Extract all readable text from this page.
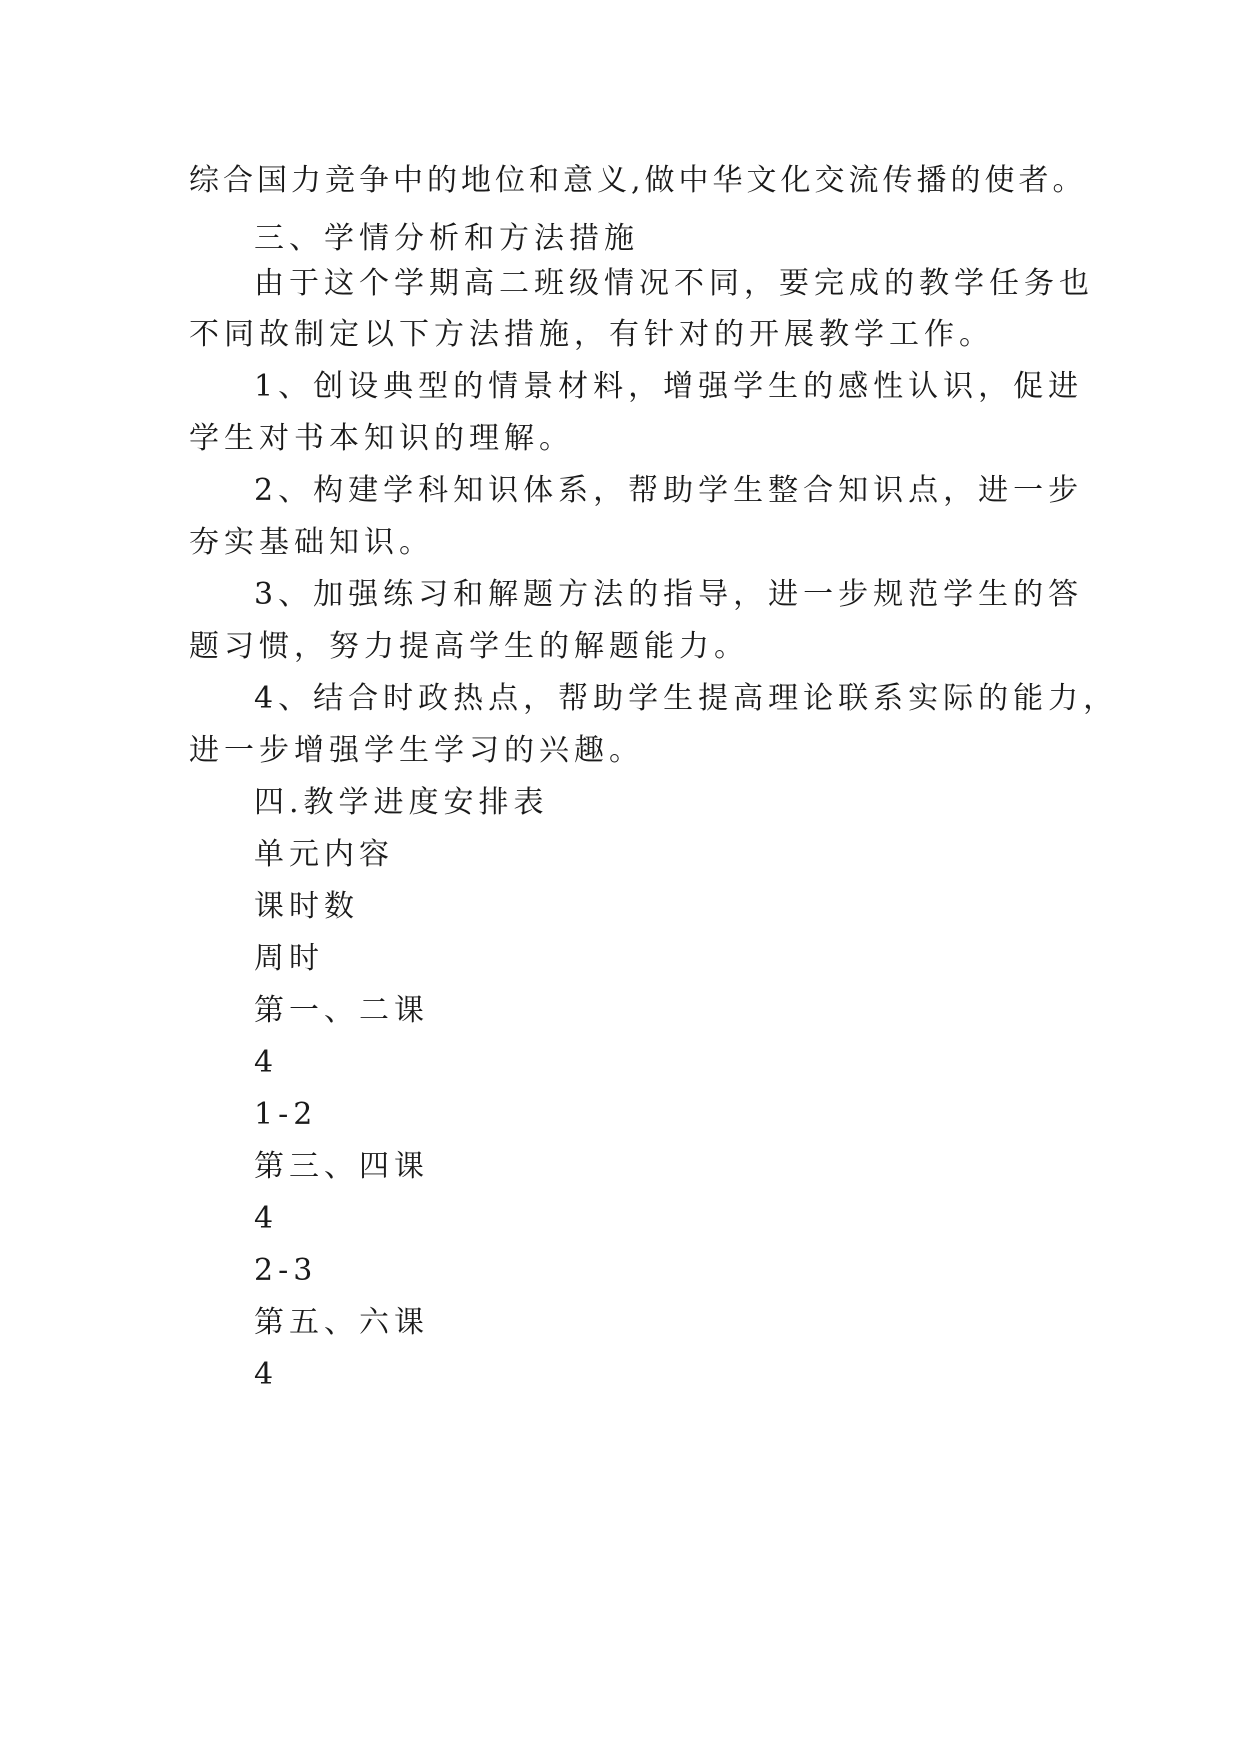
综合国力竞争中的地位和意义,做中华文化交流传播的使者。
三、学情分析和方法措施
由于这个学期高二班级情况不同，要完成的教学任务也
不同故制定以下方法措施，有针对的开展教学工作。
1、创设典型的情景材料，增强学生的感性认识，促进
学生对书本知识的理解。
2、构建学科知识体系，帮助学生整合知识点，进一步
夯实基础知识。
3、加强练习和解题方法的指导，进一步规范学生的答
题习惯，努力提高学生的解题能力。
4、结合时政热点，帮助学生提高理论联系实际的能力，
进一步增强学生学习的兴趣。
四.教学进度安排表
单元内容
课时数
周时
第一、二课
4
1-2
第三、四课
4
2-3
第五、六课
4
